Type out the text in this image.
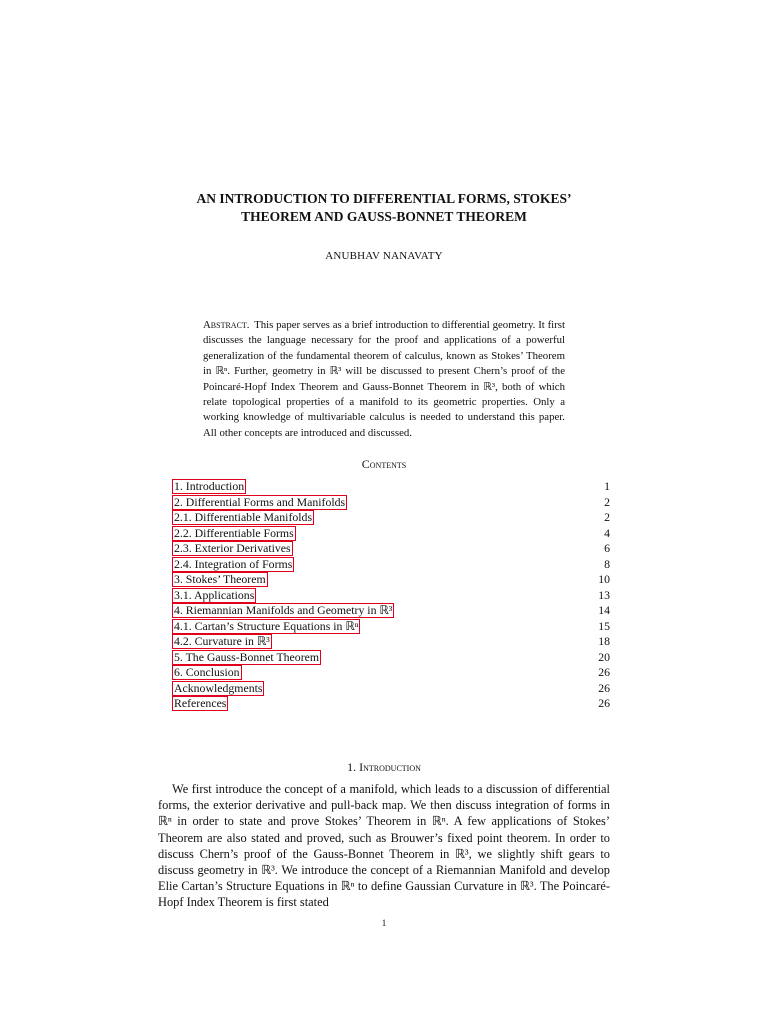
AN INTRODUCTION TO DIFFERENTIAL FORMS, STOKES’
THEOREM AND GAUSS-BONNET THEOREM
ANUBHAV NANAVATY
Abstract. This paper serves as a brief introduction to differential geometry. It first discusses the language necessary for the proof and applications of a powerful generalization of the fundamental theorem of calculus, known as Stokes’ Theorem in ℝⁿ. Further, geometry in ℝ³ will be discussed to present Chern’s proof of the Poincaré-Hopf Index Theorem and Gauss-Bonnet Theorem in ℝ³, both of which relate topological properties of a manifold to its geometric properties. Only a working knowledge of multivariable calculus is needed to understand this paper. All other concepts are introduced and discussed.
Contents
1. Introduction	1
2. Differential Forms and Manifolds	2
2.1. Differentiable Manifolds	2
2.2. Differentiable Forms	4
2.3. Exterior Derivatives	6
2.4. Integration of Forms	8
3. Stokes’ Theorem	10
3.1. Applications	13
4. Riemannian Manifolds and Geometry in ℝ³	14
4.1. Cartan’s Structure Equations in ℝⁿ	15
4.2. Curvature in ℝ³	18
5. The Gauss-Bonnet Theorem	20
6. Conclusion	26
Acknowledgments	26
References	26
1. Introduction
We first introduce the concept of a manifold, which leads to a discussion of differential forms, the exterior derivative and pull-back map. We then discuss integration of forms in ℝⁿ in order to state and prove Stokes’ Theorem in ℝⁿ. A few applications of Stokes’ Theorem are also stated and proved, such as Brouwer’s fixed point theorem. In order to discuss Chern’s proof of the Gauss-Bonnet Theorem in ℝ³, we slightly shift gears to discuss geometry in ℝ³. We introduce the concept of a Riemannian Manifold and develop Elie Cartan’s Structure Equations in ℝⁿ to define Gaussian Curvature in ℝ³. The Poincaré-Hopf Index Theorem is first stated
1
